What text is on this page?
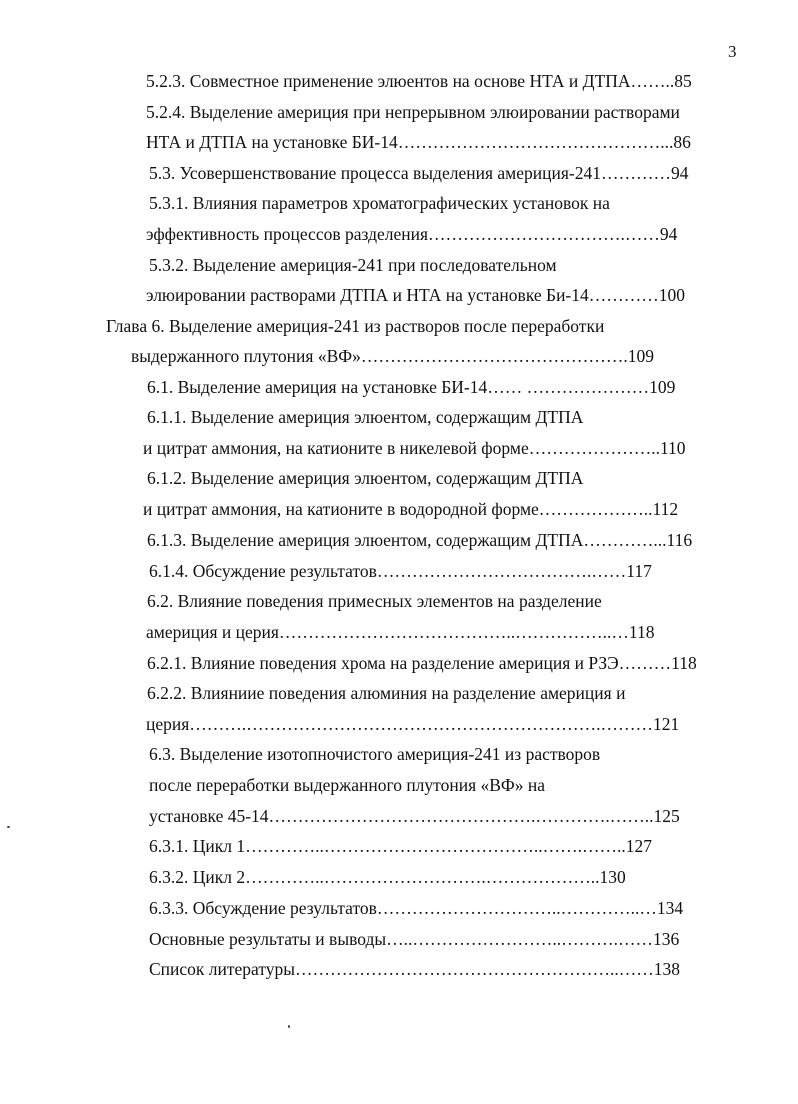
3
5.2.3. Совместное применение элюентов на основе НТА и ДТПА……..85
5.2.4. Выделение америция при непрерывном элюировании растворами
НТА и ДТПА на установке БИ-14………………………………………...86
5.3. Усовершенствование процесса выделения америция-241…………94
5.3.1. Влияния параметров хроматографических установок на
эффективность процессов разделения…………………………….……94
5.3.2. Выделение америция-241 при последовательном
элюировании растворами ДТПА и НТА на установке Би-14…………100
Глава 6. Выделение америция-241 из растворов после переработки
выдержанного плутония «ВФ»……………………………………….109
6.1. Выделение америция на установке БИ-14…… …………………109
6.1.1. Выделение америция элюентом, содержащим ДТПА
и цитрат аммония, на катионите в никелевой форме…………………..110
6.1.2. Выделение америция элюентом, содержащим ДТПА
и цитрат аммония, на катионите в водородной форме………………..112
6.1.3. Выделение америция элюентом, содержащим ДТПА…………...116
6.1.4. Обсуждение результатов……………………………….……117
6.2. Влияние поведения примесных элементов на разделение
америция и церия…………………………………..……………..…118
6.2.1. Влияние поведения хрома на разделение америция и РЗЭ………118
6.2.2. Влияниие поведения алюминия на разделение америция и
церия……….…………………………………………………….………121
6.3. Выделение изотопночистого америция-241 из растворов
после переработки выдержанного плутония «ВФ» на
установке 45-14……………………………………….………….……..125
6.3.1. Цикл 1…………..………………………………..…….……..127
6.3.2. Цикл 2…………..……………………….………………..130
6.3.3. Обсуждение результатов…………………………..…………..…134
Основные результаты и выводы…..……………………..……….……136
Список литературы………………………………………………..……138
